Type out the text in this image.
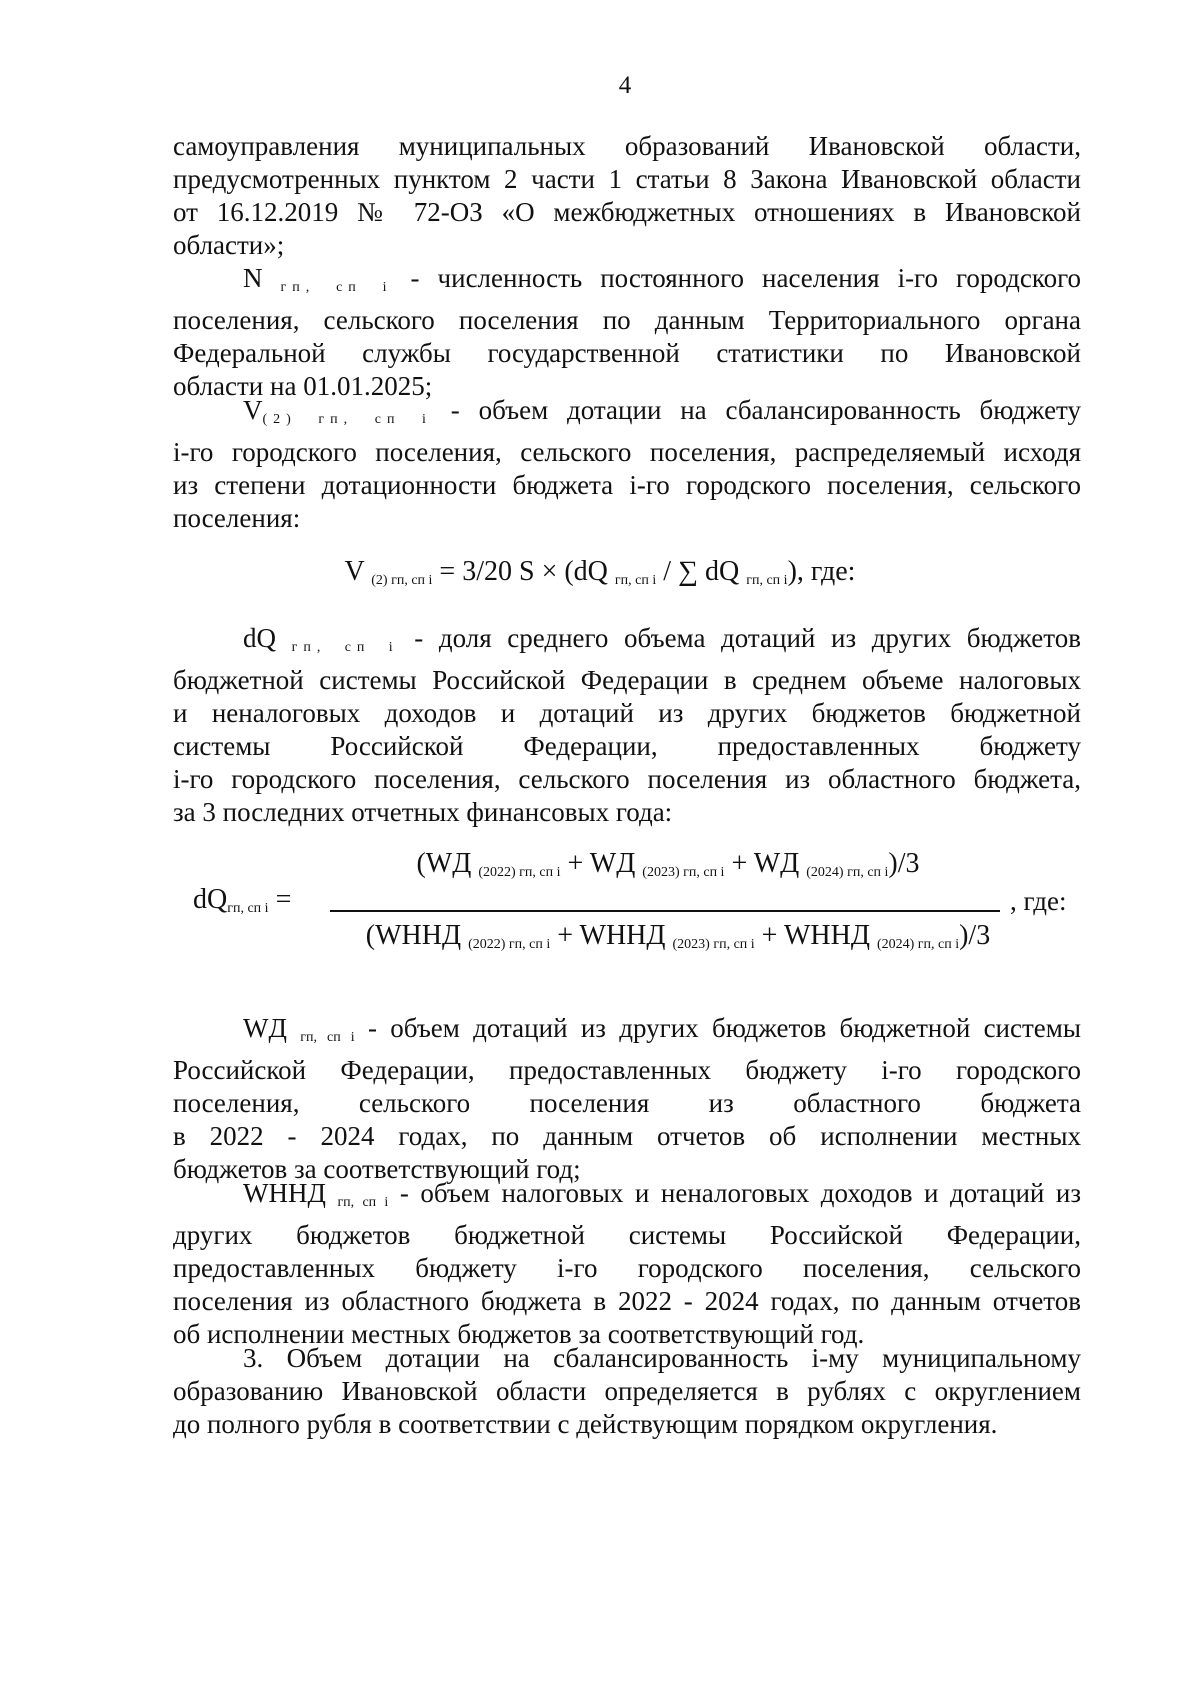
4
самоуправления муниципальных образований Ивановской области,
предусмотренных пунктом 2 части 1 статьи 8 Закона Ивановской области
от 16.12.2019 № 72-ОЗ «О межбюджетных отношениях в Ивановской
области»;
N $_{гп, сп i}$ - численность постоянного населения i-го городского
поселения, сельского поселения по данным Территориального органа
Федеральной службы государственной статистики по Ивановской
области на 01.01.2025;
$V_{(2) гп, сп i}$ - объем дотации на сбалансированность бюджету
i-го городского поселения, сельского поселения, распределяемый исходя
из степени дотационности бюджета i-го городского поселения, сельского
поселения:
V $_{(2) гп, сп i}$ = 3/20 S × (dQ $_{гп, сп i}$ / ∑ dQ $_{гп, сп i}$), где:
dQ $_{гп, сп i}$ - доля среднего объема дотаций из других бюджетов
бюджетной системы Российской Федерации в среднем объеме налоговых
и неналоговых доходов и дотаций из других бюджетов бюджетной
системы Российской Федерации, предоставленных бюджету
i-го городского поселения, сельского поселения из областного бюджета,
за 3 последних отчетных финансовых года:
$dQ_{гп, сп i}$ =
(WД $_{(2022) гп, сп i}$ + WД $_{(2023) гп, сп i}$ + WД $_{(2024) гп, сп i}$)/3
(WННД $_{(2022) гп, сп i}$ + WННД $_{(2023) гп, сп i}$ + WННД $_{(2024) гп, сп i}$)/3
, где:
WД $_{гп, сп i}$ - объем дотаций из других бюджетов бюджетной системы
Российской Федерации, предоставленных бюджету i-го городского
поселения, сельского поселения из областного бюджета
в 2022 - 2024 годах, по данным отчетов об исполнении местных
бюджетов за соответствующий год;
WННД $_{гп, сп i}$ - объем налоговых и неналоговых доходов и дотаций из
других бюджетов бюджетной системы Российской Федерации,
предоставленных бюджету i-го городского поселения, сельского
поселения из областного бюджета в 2022 - 2024 годах, по данным отчетов
об исполнении местных бюджетов за соответствующий год.
3. Объем дотации на сбалансированность i-му муниципальному
образованию Ивановской области определяется в рублях с округлением
до полного рубля в соответствии с действующим порядком округления.
